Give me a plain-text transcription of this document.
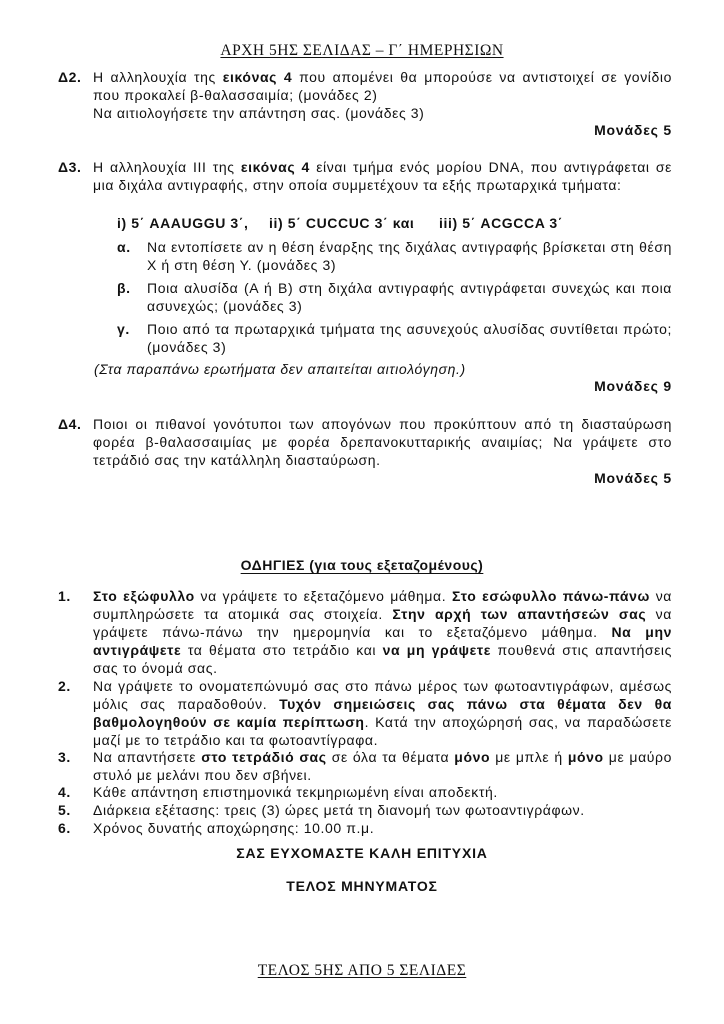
ΑΡΧΗ 5ΗΣ ΣΕΛΙΔΑΣ – Γ΄ ΗΜΕΡΗΣΙΩΝ
Δ2. Η αλληλουχία της εικόνας 4 που απομένει θα μπορούσε να αντιστοιχεί σε γονίδιο που προκαλεί β-θαλασσαιμία; (μονάδες 2)
Να αιτιολογήσετε την απάντηση σας. (μονάδες 3)
Μονάδες 5
Δ3. Η αλληλουχία ΙΙΙ της εικόνας 4 είναι τμήμα ενός μορίου DNA, που αντιγράφεται σε μια διχάλα αντιγραφής, στην οποία συμμετέχουν τα εξής πρωταρχικά τμήματα:
i) 5΄ AAAUGGU 3΄, ii) 5΄ CUCCUC 3΄ και iii) 5΄ ACGCCA 3΄
α. Να εντοπίσετε αν η θέση έναρξης της διχάλας αντιγραφής βρίσκεται στη θέση Χ ή στη θέση Υ. (μονάδες 3)
β. Ποια αλυσίδα (Α ή Β) στη διχάλα αντιγραφής αντιγράφεται συνεχώς και ποια ασυνεχώς; (μονάδες 3)
γ. Ποιο από τα πρωταρχικά τμήματα της ασυνεχούς αλυσίδας συντίθεται πρώτο; (μονάδες 3)
(Στα παραπάνω ερωτήματα δεν απαιτείται αιτιολόγηση.)
Μονάδες 9
Δ4. Ποιοι οι πιθανοί γονότυποι των απογόνων που προκύπτουν από τη διασταύρωση φορέα β-θαλασσαιμίας με φορέα δρεπανοκυτταρικής αναιμίας; Να γράψετε στο τετράδιό σας την κατάλληλη διασταύρωση.
Μονάδες 5
ΟΔΗΓΙΕΣ (για τους εξεταζομένους)
1. Στο εξώφυλλο να γράψετε το εξεταζόμενο μάθημα. Στο εσώφυλλο πάνω-πάνω να συμπληρώσετε τα ατομικά σας στοιχεία. Στην αρχή των απαντήσεών σας να γράψετε πάνω-πάνω την ημερομηνία και το εξεταζόμενο μάθημα. Να μην αντιγράψετε τα θέματα στο τετράδιο και να μη γράψετε πουθενά στις απαντήσεις σας το όνομά σας.
2. Να γράψετε το ονοματεπώνυμό σας στο πάνω μέρος των φωτοαντιγράφων, αμέσως μόλις σας παραδοθούν. Τυχόν σημειώσεις σας πάνω στα θέματα δεν θα βαθμολογηθούν σε καμία περίπτωση. Κατά την αποχώρησή σας, να παραδώσετε μαζί με το τετράδιο και τα φωτοαντίγραφα.
3. Να απαντήσετε στο τετράδιό σας σε όλα τα θέματα μόνο με μπλε ή μόνο με μαύρο στυλό με μελάνι που δεν σβήνει.
4. Κάθε απάντηση επιστημονικά τεκμηριωμένη είναι αποδεκτή.
5. Διάρκεια εξέτασης: τρεις (3) ώρες μετά τη διανομή των φωτοαντιγράφων.
6. Χρόνος δυνατής αποχώρησης: 10.00 π.μ.
ΣΑΣ ΕΥΧΟΜΑΣΤΕ ΚΑΛΗ ΕΠΙΤΥΧΙΑ
ΤΕΛΟΣ ΜΗΝΥΜΑΤΟΣ
ΤΕΛΟΣ 5ΗΣ ΑΠΟ 5 ΣΕΛΙΔΕΣ
